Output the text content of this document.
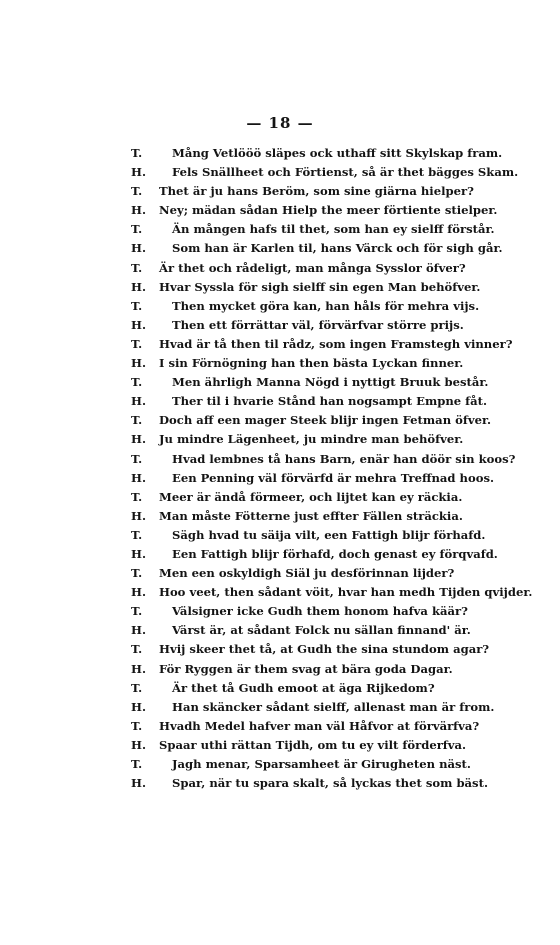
— 18 —
T.	Mång Vetlööö släpes ock uthaff sitt Skylskap fram.
H.	Fels Snällheet och Förtienst, så är thet bägges Skam.
T.	Thet är ju hans Beröm, som sine giärna hielper?
H.	Ney; mädan sådan Hielp the meer förtiente stielper.
T.	Än mången hafs til thet, som han ey sielff förstår.
H.	Som han är Karlen til, hans Värck och för sigh går.
T.	Är thet och rådeligt, man många Sysslor öfver?
H.	Hvar Syssla för sigh sielff sin egen Man behöfver.
T.	Then mycket göra kan, han håls för mehra vijs.
H.	Then ett förrättar väl, förvärfvar större prijs.
T.	Hvad är tå then til rådz, som ingen Framstegh vinner?
H.	I sin Förnögning han then bästa Lyckan finner.
T.	Men ährligh Manna Nögd i nyttigt Bruuk består.
H.	Ther til i hvarie Stånd han nogsampt Empne fåt.
T.	Doch aff een mager Steek blijr ingen Fetman öfver.
H.	Ju mindre Lägenheet, ju mindre man behöfver.
T.	Hvad lembnes tå hans Barn, enär han döör sin koos?
H.	Een Penning väl förvärfd är mehra Treffnad hoos.
T.	Meer är ändå förmeer, och lijtet kan ey räckia.
H.	Man måste Fötterne just effter Fällen sträckia.
T.	Sägh hvad tu säija vilt, een Fattigh blijr förhafd.
H.	Een Fattigh blijr förhafd, doch genast ey förqvafd.
T.	Men een oskyldigh Siäl ju desförinnan lijder?
H.	Hoo veet, then sådant vöit, hvar han medh Tijden qvijder.
T.	Välsigner icke Gudh them honom hafva käär?
H.	Värst är, at sådant Folck nu sällan finnand' är.
T.	Hvij skeer thet tå, at Gudh the sina stundom agar?
H.	För Ryggen är them svag at bära goda Dagar.
T.	Är thet tå Gudh emoot at äga Rijkedom?
H.	Han skäncker sådant sielff, allenast man är from.
T.	Hvadh Medel hafver man väl Håfvor at förvärfva?
H.	Spaar uthi rättan Tijdh, om tu ey vilt förderfva.
T.	Jagh menar, Sparsamheet är Girugheten näst.
H.	Spar, när tu spara skalt, så lyckas thet som bäst.
